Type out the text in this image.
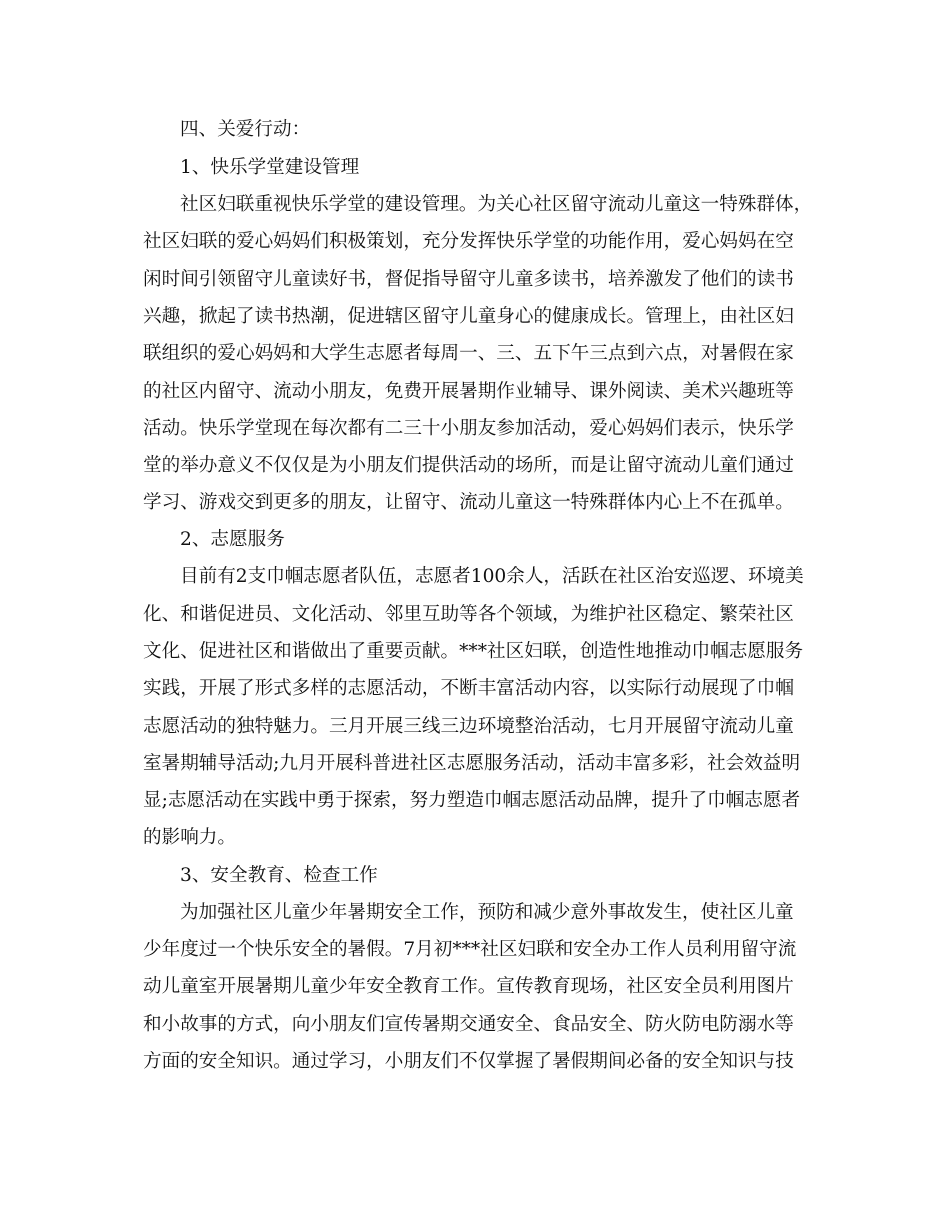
四、关爱行动：
1、快乐学堂建设管理
社区妇联重视快乐学堂的建设管理。为关心社区留守流动儿童这一特殊群体，
社区妇联的爱心妈妈们积极策划，充分发挥快乐学堂的功能作用，爱心妈妈在空
闲时间引领留守儿童读好书，督促指导留守儿童多读书，培养激发了他们的读书
兴趣，掀起了读书热潮，促进辖区留守儿童身心的健康成长。管理上，由社区妇
联组织的爱心妈妈和大学生志愿者每周一、三、五下午三点到六点，对暑假在家
的社区内留守、流动小朋友，免费开展暑期作业辅导、课外阅读、美术兴趣班等
活动。快乐学堂现在每次都有二三十小朋友参加活动，爱心妈妈们表示，快乐学
堂的举办意义不仅仅是为小朋友们提供活动的场所，而是让留守流动儿童们通过
学习、游戏交到更多的朋友，让留守、流动儿童这一特殊群体内心上不在孤单。
2、志愿服务
目前有2支巾帼志愿者队伍，志愿者100余人，活跃在社区治安巡逻、环境美
化、和谐促进员、文化活动、邻里互助等各个领域，为维护社区稳定、繁荣社区
文化、促进社区和谐做出了重要贡献。***社区妇联，创造性地推动巾帼志愿服务
实践，开展了形式多样的志愿活动，不断丰富活动内容，以实际行动展现了巾帼
志愿活动的独特魅力。三月开展三线三边环境整治活动，七月开展留守流动儿童
室暑期辅导活动;九月开展科普进社区志愿服务活动，活动丰富多彩，社会效益明
显;志愿活动在实践中勇于探索，努力塑造巾帼志愿活动品牌，提升了巾帼志愿者
的影响力。
3、安全教育、检查工作
为加强社区儿童少年暑期安全工作，预防和减少意外事故发生，使社区儿童
少年度过一个快乐安全的暑假。7月初***社区妇联和安全办工作人员利用留守流
动儿童室开展暑期儿童少年安全教育工作。宣传教育现场，社区安全员利用图片
和小故事的方式，向小朋友们宣传暑期交通安全、食品安全、防火防电防溺水等
方面的安全知识。通过学习，小朋友们不仅掌握了暑假期间必备的安全知识与技
